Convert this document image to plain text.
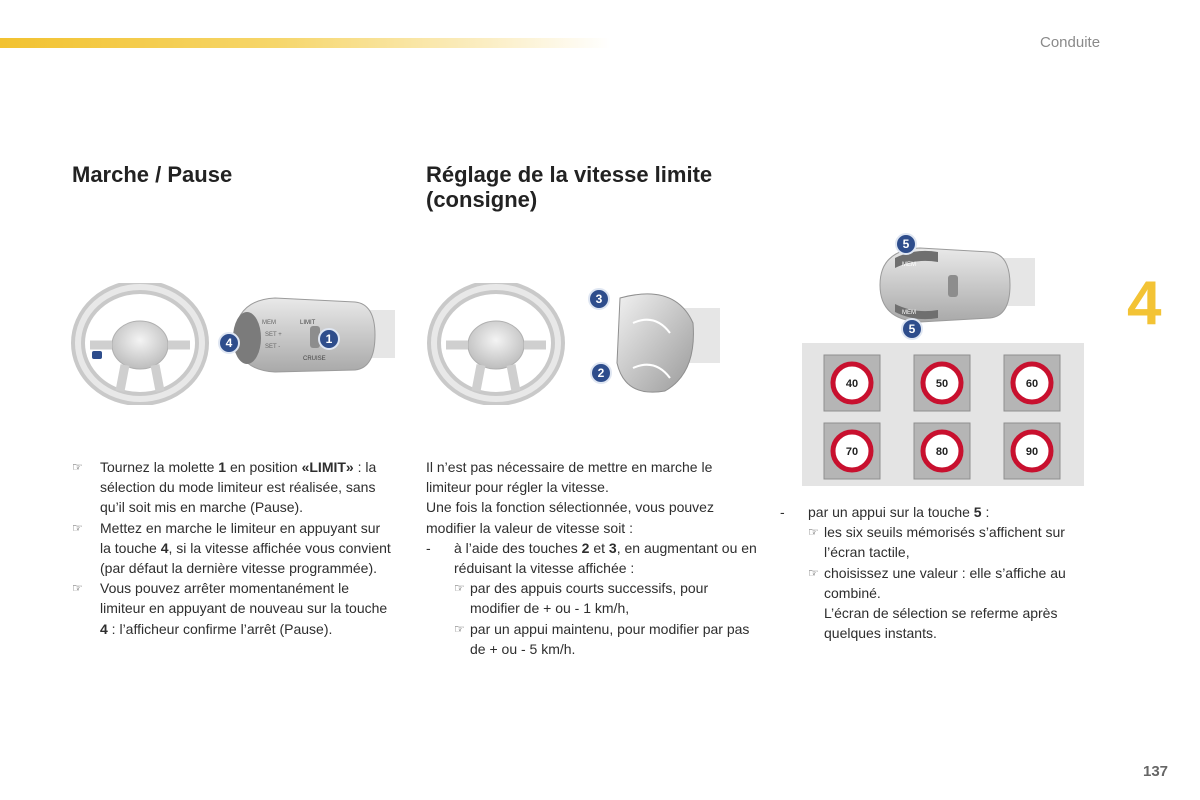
Conduite
4
137
Marche / Pause	Réglage de la vitesse limite (consigne)
MEM
SET +
SET -
LIMIT
CRUISE
4	1
3
2
MEM
MEM
5
5
40	50	60
70	80	90
☞ Tournez la molette 1 en position «LIMIT» : la sélection du mode limiteur est réalisée, sans qu’il soit mis en marche (Pause).
☞ Mettez en marche le limiteur en appuyant sur la touche 4, si la vitesse affichée vous convient (par défaut la dernière vitesse programmée).
☞ Vous pouvez arrêter momentanément le limiteur en appuyant de nouveau sur la touche 4 : l’afficheur confirme l’arrêt (Pause).
Il n’est pas nécessaire de mettre en marche le limiteur pour régler la vitesse.
Une fois la fonction sélectionnée, vous pouvez modifier la valeur de vitesse soit :
- à l’aide des touches 2 et 3, en augmentant ou en réduisant la vitesse affichée :
☞ par des appuis courts successifs, pour modifier de + ou - 1 km/h,
☞ par un appui maintenu, pour modifier par pas de + ou - 5 km/h.
- par un appui sur la touche 5 :
☞ les six seuils mémorisés s’affichent sur l’écran tactile,
☞ choisissez une valeur : elle s’affiche au combiné.
L’écran de sélection se referme après quelques instants.
